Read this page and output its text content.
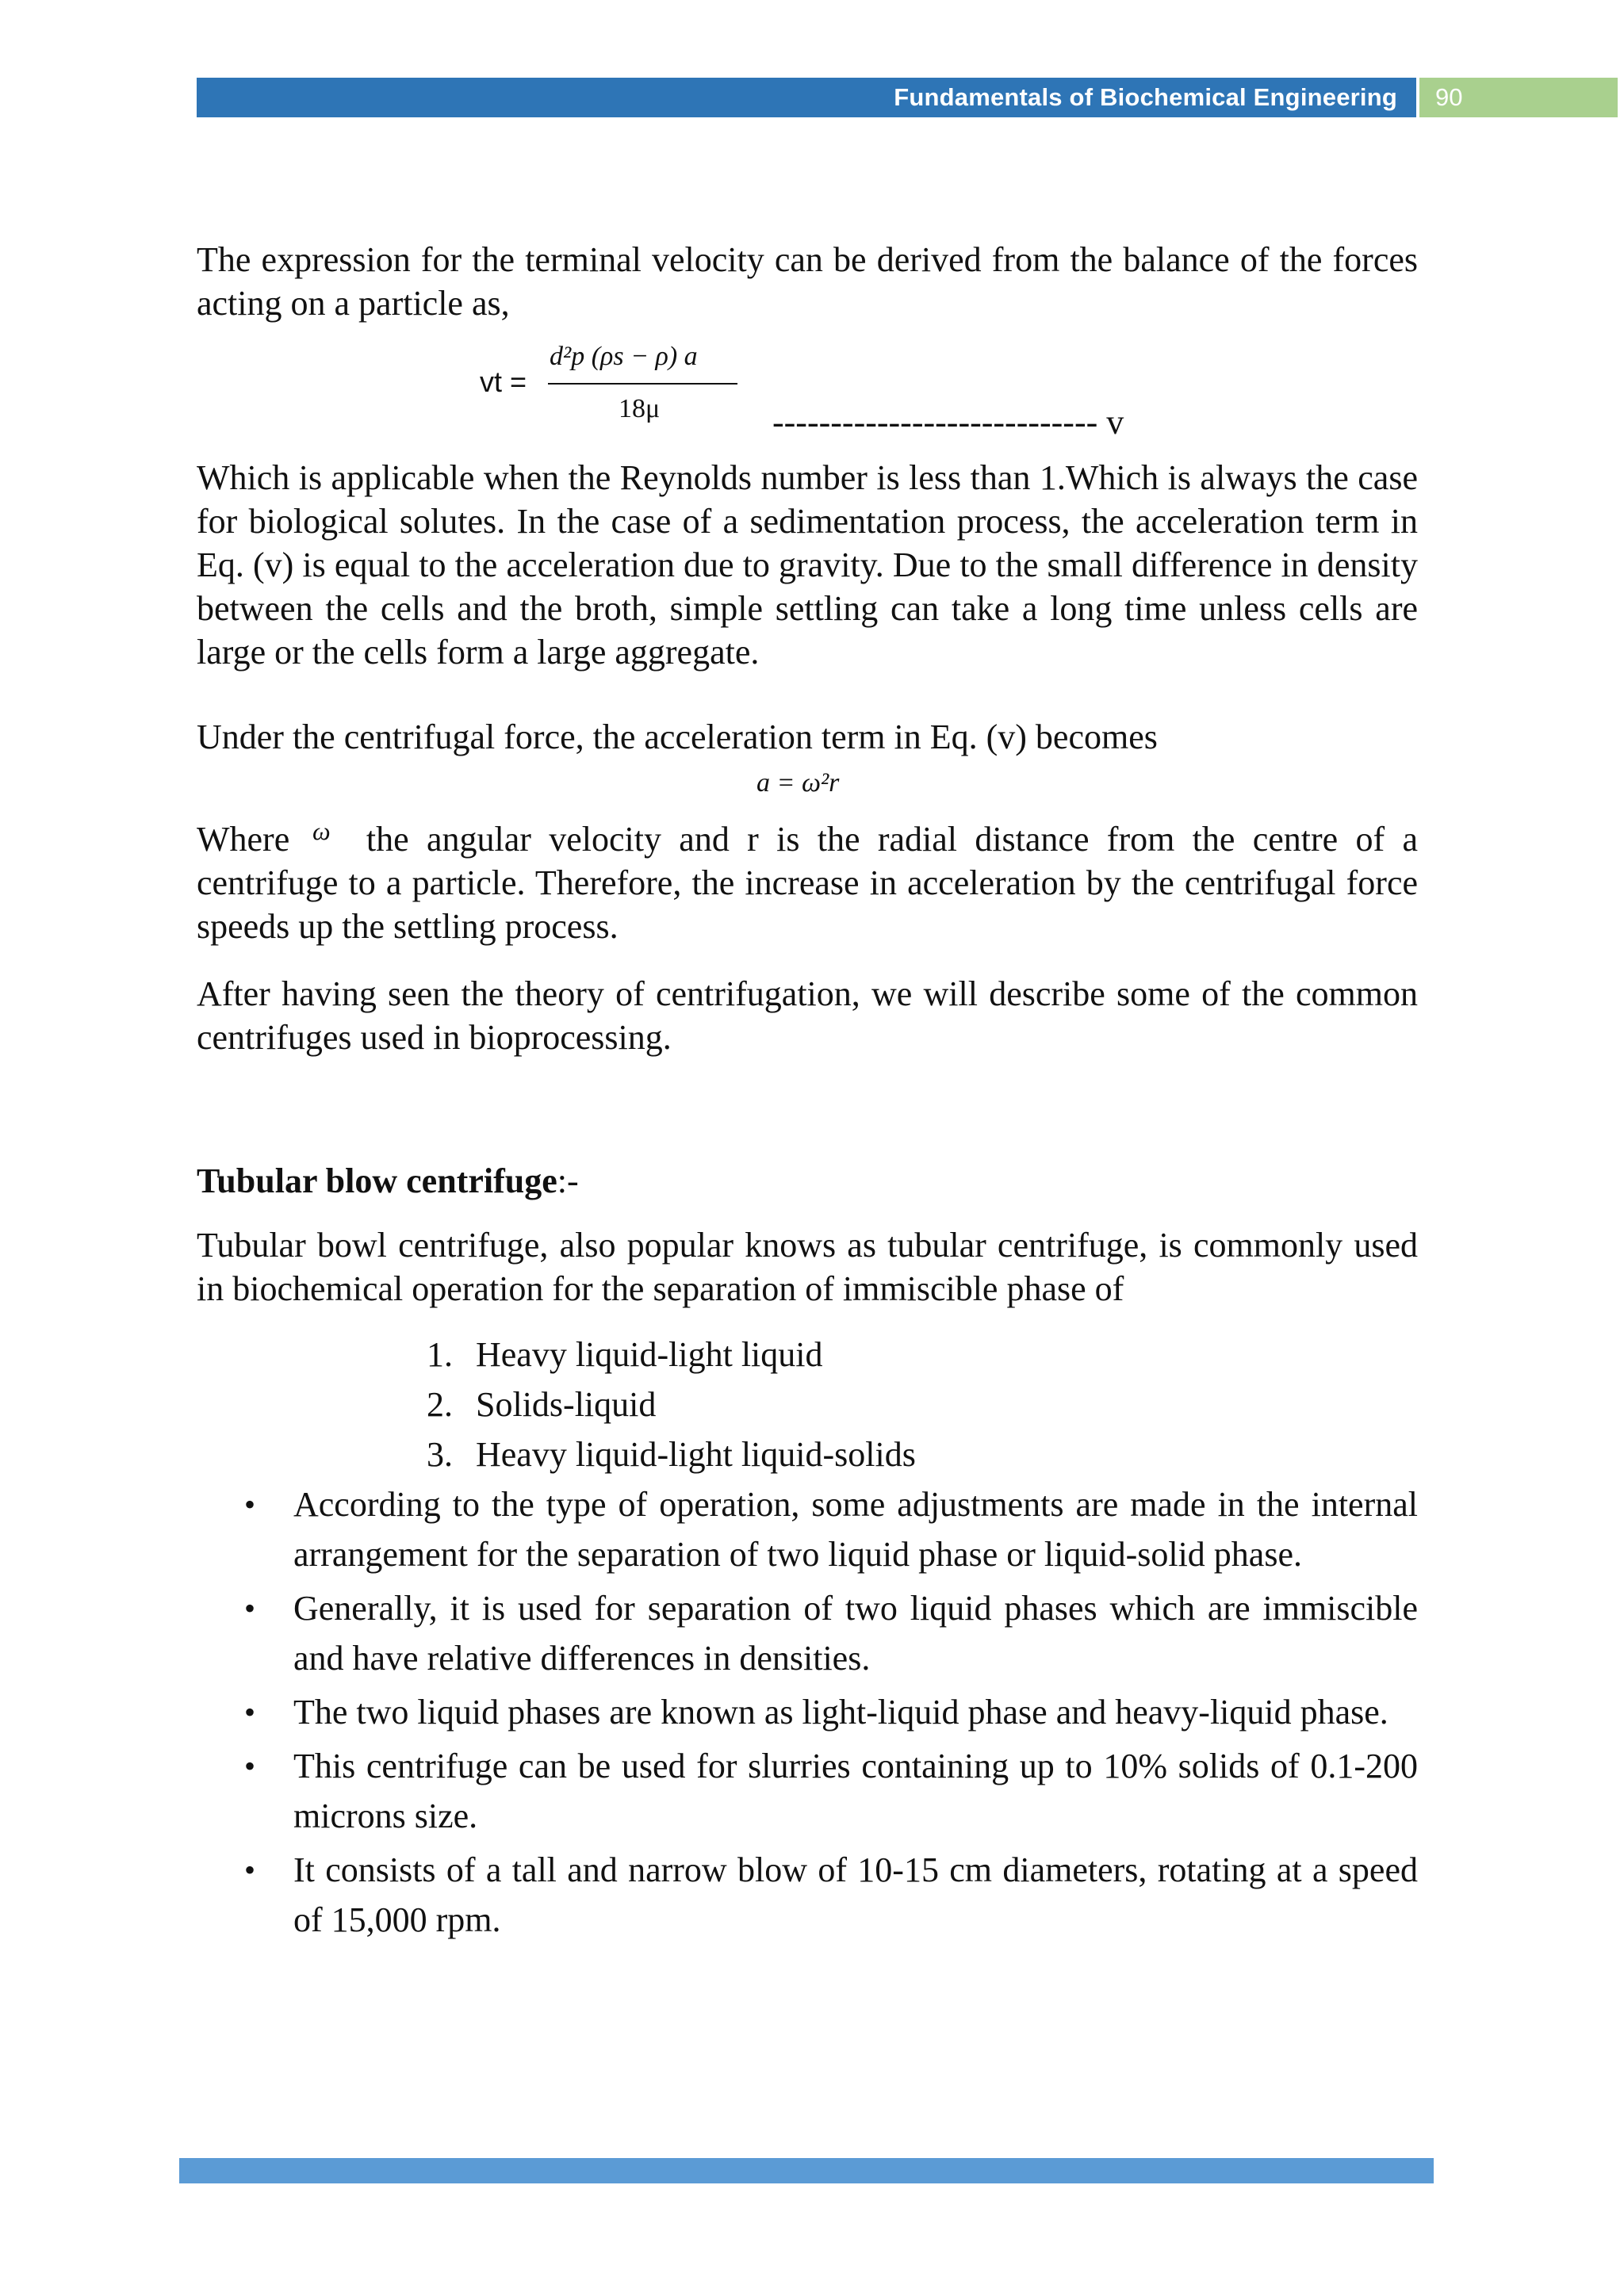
Fundamentals of Biochemical Engineering	90

The expression for the terminal velocity can be derived from the balance of the forces acting on a particle as,

Which is applicable when the Reynolds number is less than 1.Which is always the case for biological solutes. In the case of a sedimentation process, the acceleration term in Eq. (v) is equal to the acceleration due to gravity. Due to the small difference in density between the cells and the broth, simple settling can take a long time unless cells are large or the cells form a large aggregate.

Under the centrifugal force, the acceleration term in Eq. (v) becomes

Where ω the angular velocity and r is the radial distance from the centre of a centrifuge to a particle. Therefore, the increase in acceleration by the centrifugal force speeds up the settling process.

After having seen the theory of centrifugation, we will describe some of the common centrifuges used in bioprocessing.

Tubular blow centrifuge:-

Tubular bowl centrifuge, also popular knows as tubular centrifuge, is commonly used in biochemical operation for the separation of immiscible phase of

1. Heavy liquid-light liquid
2. Solids-liquid
3. Heavy liquid-light liquid-solids
• According to the type of operation, some adjustments are made in the internal arrangement for the separation of two liquid phase or liquid-solid phase.
• Generally, it is used for separation of two liquid phases which are immiscible and have relative differences in densities.
• The two liquid phases are known as light-liquid phase and heavy-liquid phase.
• This centrifuge can be used for slurries containing up to 10% solids of 0.1-200 microns size.
• It consists of a tall and narrow blow of 10-15 cm diameters, rotating at a speed of 15,000 rpm.
vt =
d²p (ρs − ρ) a
18μ	---------------------------- v
a = ω²r
